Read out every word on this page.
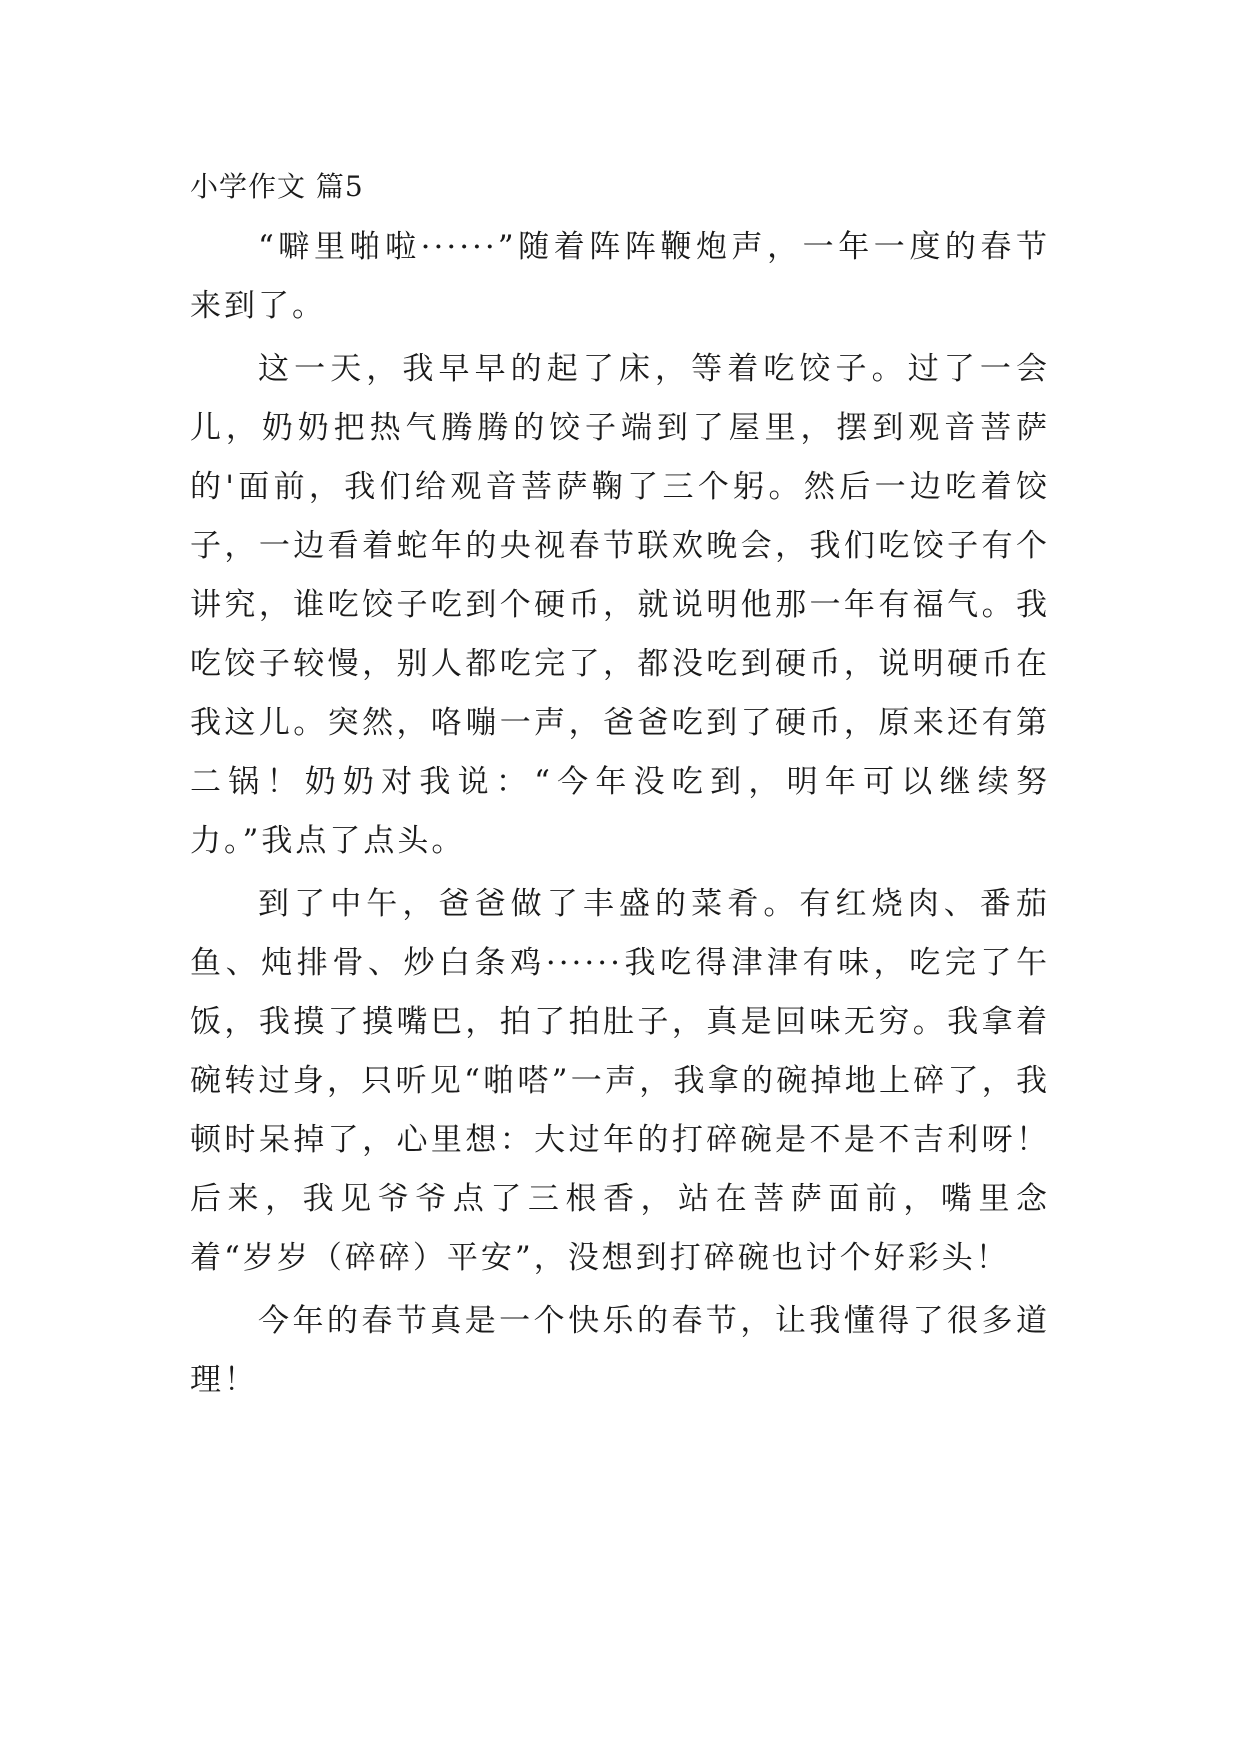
小学作文 篇5

“噼里啪啦······”随着阵阵鞭炮声，一年一度的春节来到了。

这一天，我早早的起了床，等着吃饺子。过了一会儿，奶奶把热气腾腾的饺子端到了屋里，摆到观音菩萨的'面前，我们给观音菩萨鞠了三个躬。然后一边吃着饺子，一边看着蛇年的央视春节联欢晚会，我们吃饺子有个讲究，谁吃饺子吃到个硬币，就说明他那一年有福气。我吃饺子较慢，别人都吃完了，都没吃到硬币，说明硬币在我这儿。突然，咯嘣一声，爸爸吃到了硬币，原来还有第二锅！奶奶对我说：“今年没吃到，明年可以继续努力。”我点了点头。

到了中午，爸爸做了丰盛的菜肴。有红烧肉、番茄鱼、炖排骨、炒白条鸡······我吃得津津有味，吃完了午饭，我摸了摸嘴巴，拍了拍肚子，真是回味无穷。我拿着碗转过身，只听见“啪嗒”一声，我拿的碗掉地上碎了，我顿时呆掉了，心里想：大过年的打碎碗是不是不吉利呀！后来，我见爷爷点了三根香，站在菩萨面前，嘴里念着“岁岁（碎碎）平安”，没想到打碎碗也讨个好彩头！

今年的春节真是一个快乐的春节，让我懂得了很多道理！
